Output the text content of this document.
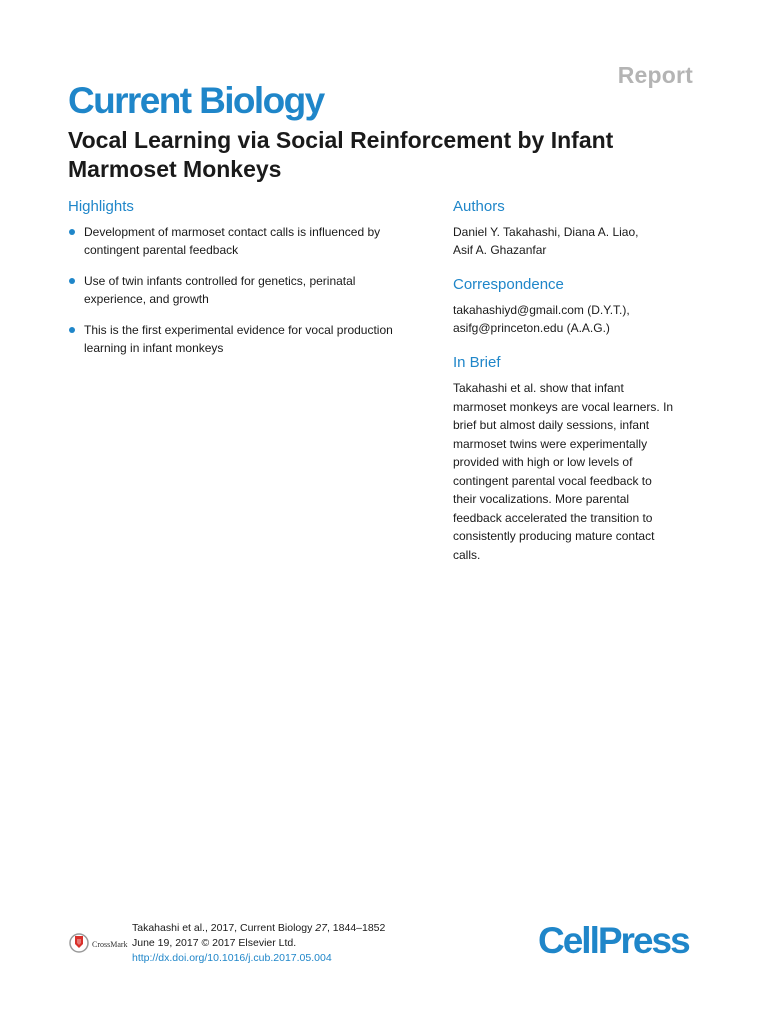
Report
Current Biology
Vocal Learning via Social Reinforcement by Infant
Marmoset Monkeys
Highlights
Development of marmoset contact calls is influenced by
contingent parental feedback
Use of twin infants controlled for genetics, perinatal
experience, and growth
This is the first experimental evidence for vocal production
learning in infant monkeys
Authors
Daniel Y. Takahashi, Diana A. Liao,
Asif A. Ghazanfar
Correspondence
takahashiyd@gmail.com (D.Y.T.),
asifg@princeton.edu (A.A.G.)
In Brief
Takahashi et al. show that infant
marmoset monkeys are vocal learners. In
brief but almost daily sessions, infant
marmoset twins were experimentally
provided with high or low levels of
contingent parental vocal feedback to
their vocalizations. More parental
feedback accelerated the transition to
consistently producing mature contact
calls.
CrossMark
Takahashi et al., 2017, Current Biology 27, 1844–1852
June 19, 2017 © 2017 Elsevier Ltd.
http://dx.doi.org/10.1016/j.cub.2017.05.004	CellPress
